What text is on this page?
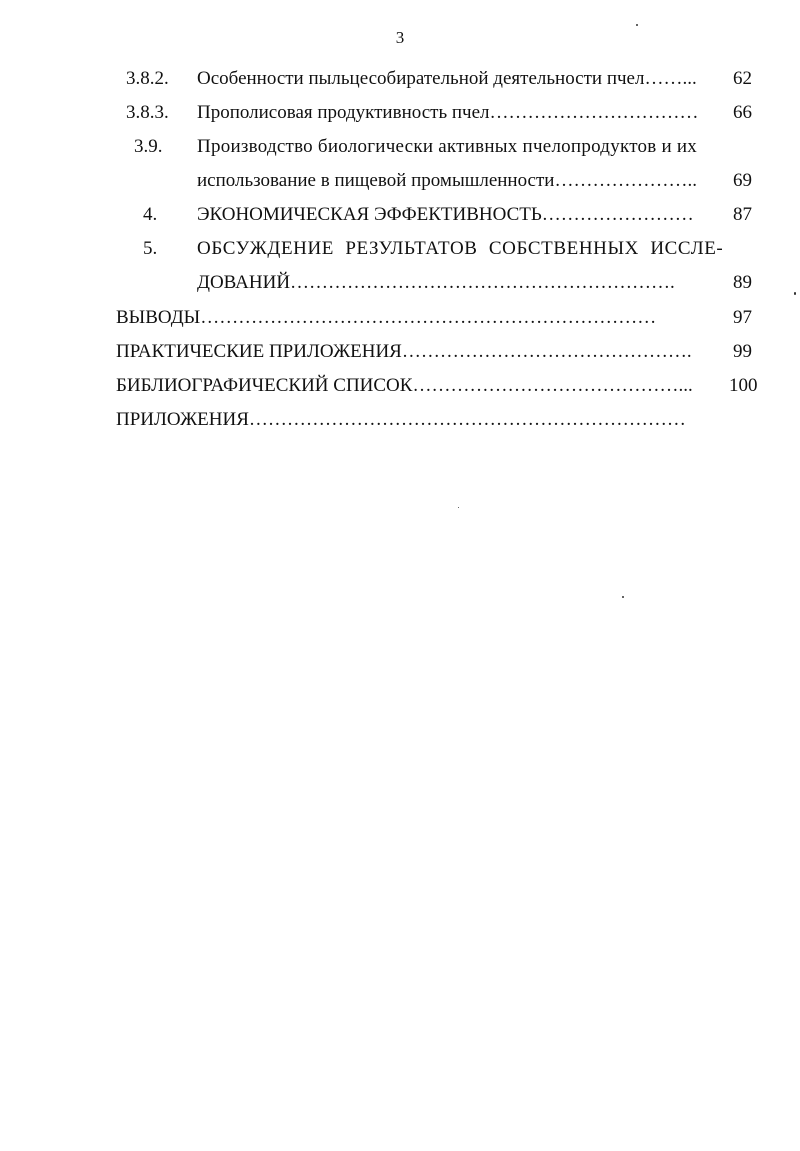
3
3.8.2. Особенности пыльцесобирательной деятельности пчел……... 62
3.8.3. Прополисовая продуктивность пчел…………………………… 66
3.9. Производство биологически активных пчелопродуктов и их
использование в пищевой промышленности………………….. 69
4. ЭКОНОМИЧЕСКАЯ ЭФФЕКТИВНОСТЬ…………………… 87
5. ОБСУЖДЕНИЕ РЕЗУЛЬТАТОВ СОБСТВЕННЫХ ИССЛЕ-
ДОВАНИЙ…………………………………………………….	89
ВЫВОДЫ………………………………………………………………	97
ПРАКТИЧЕСКИЕ ПРИЛОЖЕНИЯ………………………………………. 99
БИБЛИОГРАФИЧЕСКИЙ СПИСОК……………………………………... 100
ПРИЛОЖЕНИЯ……………………………………………………………
